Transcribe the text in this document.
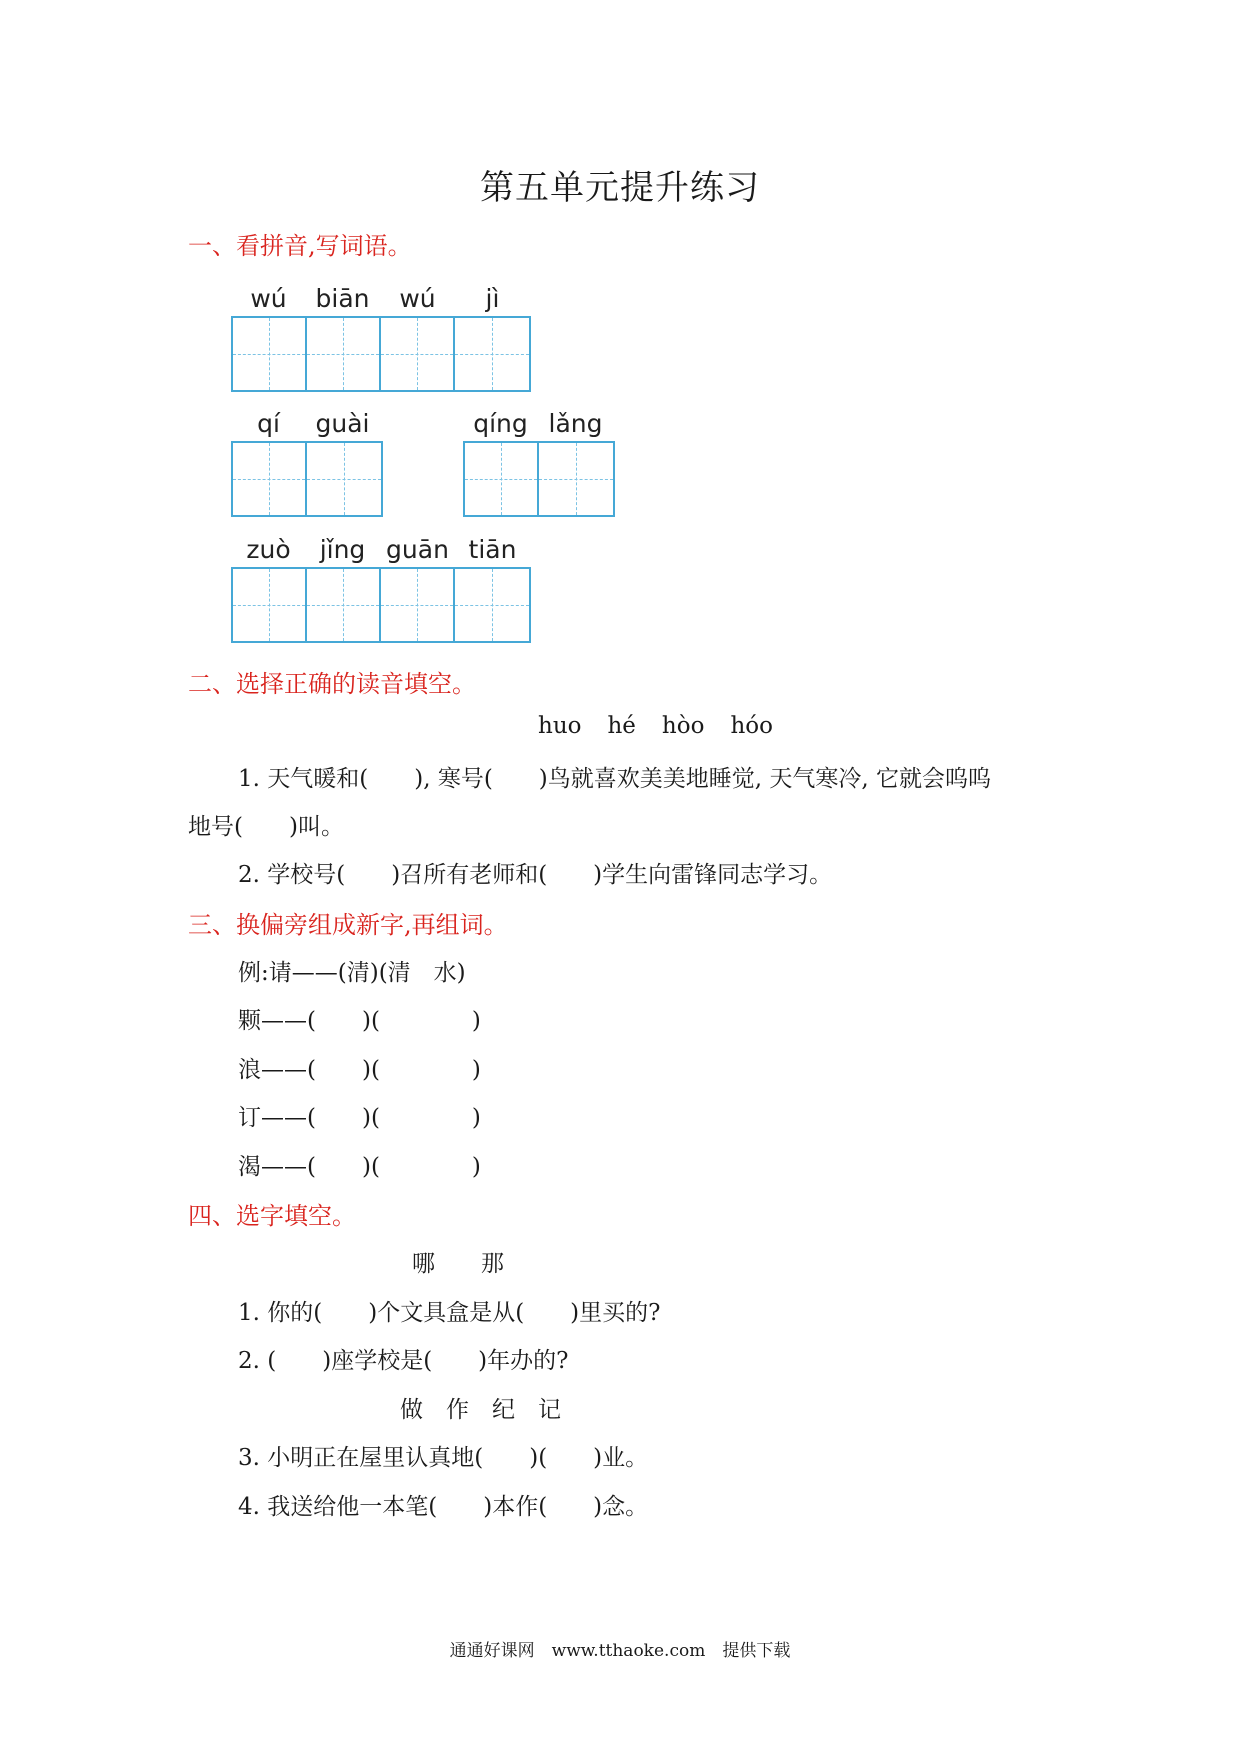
第五单元提升练习
一、看拼音,写词语。
wú	biān	wú	jì
qí	guài	qíng lǎng
zuò	jǐng guān tiān
二、选择正确的读音填空。
huo hé hòo hóo
1. 天气暖和(　　), 寒号(　　)鸟就喜欢美美地睡觉, 天气寒冷, 它就会呜呜
地号(　　)叫。
2. 学校号(　　)召所有老师和(　　)学生向雷锋同志学习。
三、换偏旁组成新字,再组词。
例:请——(清)(清　水)
颗——(　　)(　　　　)
浪——(　　)(　　　　)
订——(　　)(　　　　)
渴——(　　)(　　　　)
四、选字填空。
哪　　那
1. 你的(　　)个文具盒是从(　　)里买的?
2. (　　)座学校是(　　)年办的?
做　作　纪　记
3. 小明正在屋里认真地(　　)(　　)业。
4. 我送给他一本笔(　　)本作(　　)念。
通通好课网　www.tthaoke.com　提供下载
